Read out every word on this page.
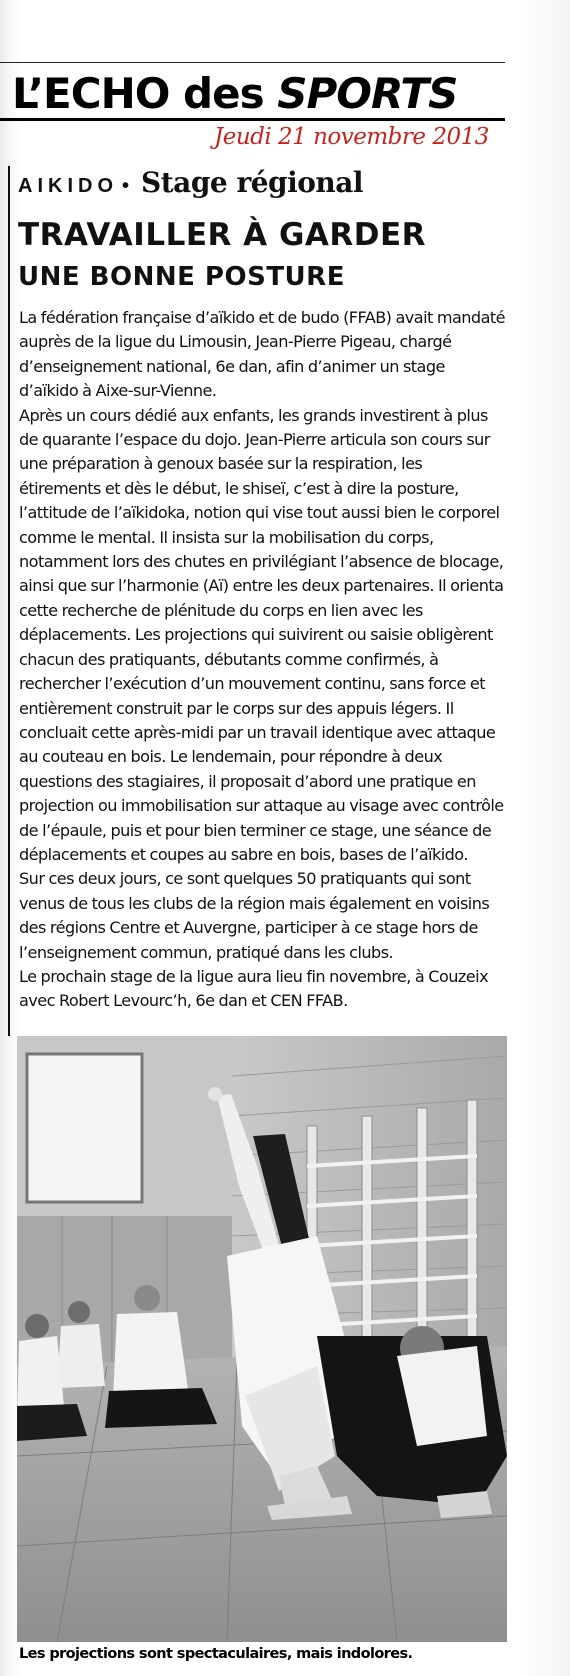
L’ECHO des SPORTS
Jeudi 21 novembre 2013
AIKIDO • Stage régional
TRAVAILLER À GARDER
UNE BONNE POSTURE

La fédération française d’aïkido et de budo (FFAB) avait mandaté auprès de la ligue du Limousin, Jean-Pierre Pigeau, chargé d’enseignement national, 6e dan, afin d’animer un stage d’aïkido à Aixe-sur-Vienne.

Après un cours dédié aux enfants, les grands investirent à plus de quarante l’espace du dojo. Jean-Pierre articula son cours sur une préparation à genoux basée sur la respiration, les étirements et dès le début, le shiseï, c’est à dire la posture, l’attitude de l’aïkidoka, notion qui vise tout aussi bien le corporel comme le mental. Il insista sur la mobilisation du corps, notamment lors des chutes en privilégiant l’absence de blocage, ainsi que sur l’harmonie (Aï) entre les deux partenaires. Il orienta cette recherche de plénitude du corps en lien avec les déplacements. Les projections qui suivirent ou saisie obligèrent chacun des pratiquants, débutants comme confirmés, à rechercher l’exécution d’un mouvement continu, sans force et entièrement construit par le corps sur des appuis légers. Il concluait cette après-midi par un travail identique avec attaque au couteau en bois. Le lendemain, pour répondre à deux questions des stagiaires, il proposait d’abord une pratique en projection ou immobilisation sur attaque au visage avec contrôle de l’épaule, puis et pour bien terminer ce stage, une séance de déplacements et coupes au sabre en bois, bases de l’aïkido.

Sur ces deux jours, ce sont quelques 50 pratiquants qui sont venus de tous les clubs de la région mais également en voisins des régions Centre et Auvergne, participer à ce stage hors de l’enseignement commun, pratiqué dans les clubs.

Le prochain stage de la ligue aura lieu fin novembre, à Couzeix avec Robert Levourc’h, 6e dan et CEN FFAB.

Les projections sont spectaculaires, mais indolores.
